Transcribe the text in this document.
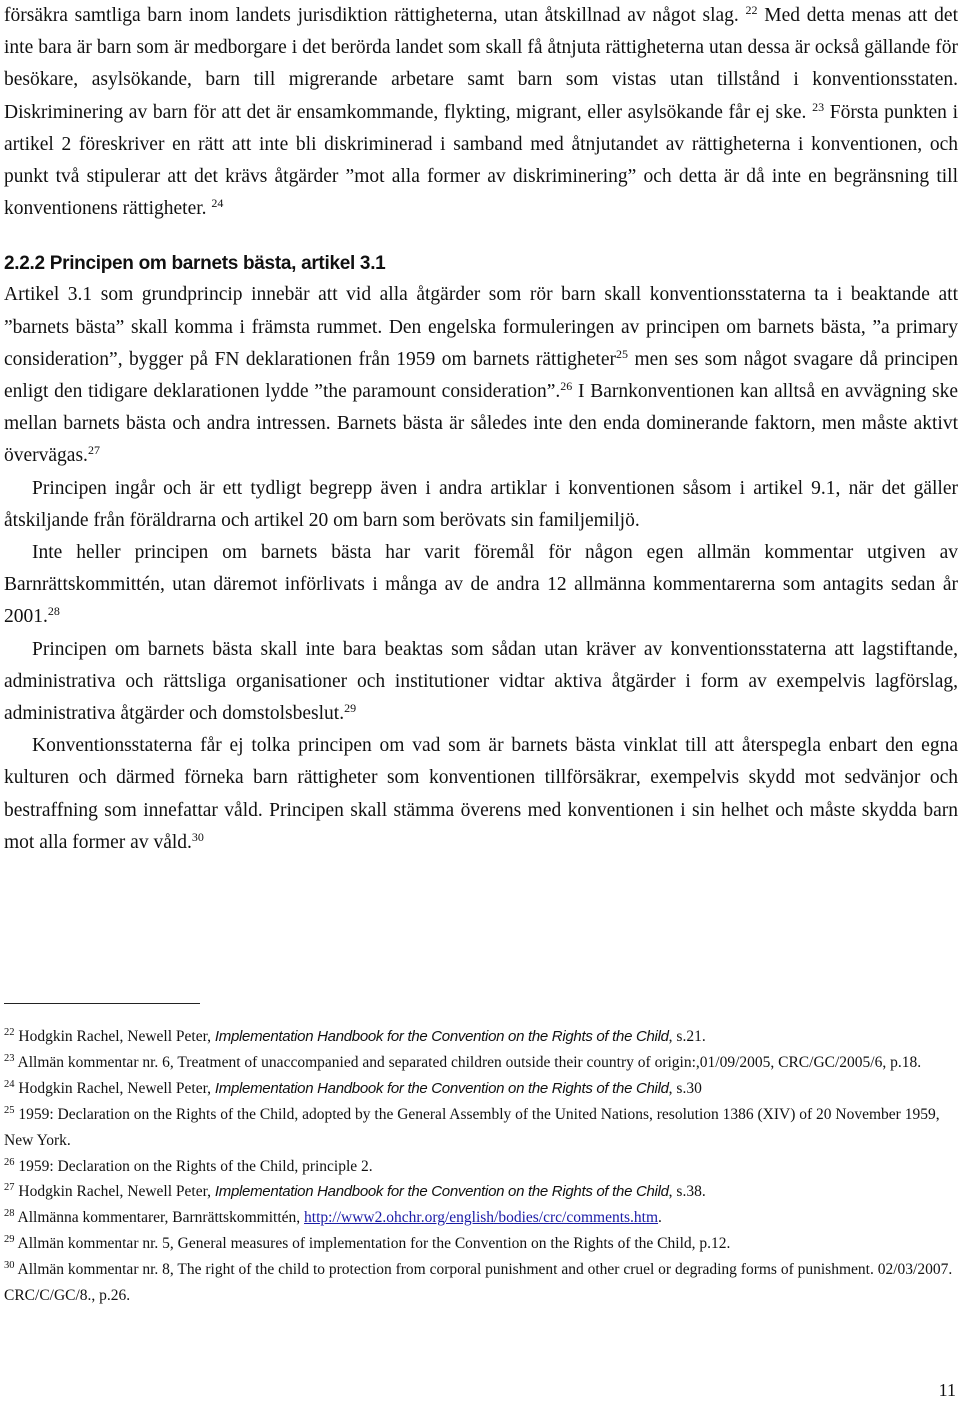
försäkra samtliga barn inom landets jurisdiktion rättigheterna, utan åtskillnad av något slag. $^{22}$ Med detta menas att det inte bara är barn som är medborgare i det berörda landet som skall få åtnjuta rättigheterna utan dessa är också gällande för besökare, asylsökande, barn till migrerande arbetare samt barn som vistas utan tillstånd i konventionsstaten. Diskriminering av barn för att det är ensamkommande, flykting, migrant, eller asylsökande får ej ske. $^{23}$ Första punkten i artikel 2 föreskriver en rätt att inte bli diskriminerad i samband med åtnjutandet av rättigheterna i konventionen, och punkt två stipulerar att det krävs åtgärder ”mot alla former av diskriminering” och detta är då inte en begränsning till konventionens rättigheter. $^{24}$

2.2.2 Principen om barnets bästa, artikel 3.1

Artikel 3.1 som grundprincip innebär att vid alla åtgärder som rör barn skall konventionsstaterna ta i beaktande att ”barnets bästa” skall komma i främsta rummet. Den engelska formuleringen av principen om barnets bästa, ”a primary consideration”, bygger på FN deklarationen från 1959 om barnets rättigheter$^{25}$ men ses som något svagare då principen enligt den tidigare deklarationen lydde ”the paramount consideration”.$^{26}$ I Barnkonventionen kan alltså en avvägning ske mellan barnets bästa och andra intressen. Barnets bästa är således inte den enda dominerande faktorn, men måste aktivt övervägas.$^{27}$

Principen ingår och är ett tydligt begrepp även i andra artiklar i konventionen såsom i artikel 9.1, när det gäller åtskiljande från föräldrarna och artikel 20 om barn som berövats sin familjemiljö.

Inte heller principen om barnets bästa har varit föremål för någon egen allmän kommentar utgiven av Barnrättskommittén, utan däremot införlivats i många av de andra 12 allmänna kommentarerna som antagits sedan år 2001.28

Principen om barnets bästa skall inte bara beaktas som sådan utan kräver av konventionsstaterna att lagstiftande, administrativa och rättsliga organisationer och institutioner vidtar aktiva åtgärder i form av exempelvis lagförslag, administrativa åtgärder och domstolsbeslut.$^{29}$

Konventionsstaterna får ej tolka principen om vad som är barnets bästa vinklat till att återspegla enbart den egna kulturen och därmed förneka barn rättigheter som konventionen tillförsäkrar, exempelvis skydd mot sedvänjor och bestraffning som innefattar våld. Principen skall stämma överens med konventionen i sin helhet och måste skydda barn mot alla former av våld.$^{30}$

$^{22}$ Hodgkin Rachel, Newell Peter, Implementation Handbook for the Convention on the Rights of the Child, s.21.

$^{23}$ Allmän kommentar nr. 6, Treatment of unaccompanied and separated children outside their country of origin:,01/09/2005, CRC/GC/2005/6, p.18.

$^{24}$ Hodgkin Rachel, Newell Peter, Implementation Handbook for the Convention on the Rights of the Child, s.30

$^{25}$ 1959: Declaration on the Rights of the Child, adopted by the General Assembly of the United Nations, resolution 1386 (XIV) of 20 November 1959, New York.

$^{26}$ 1959: Declaration on the Rights of the Child, principle 2.

$^{27}$ Hodgkin Rachel, Newell Peter, Implementation Handbook for the Convention on the Rights of the Child, s.38.

$^{28}$ Allmänna kommentarer, Barnrättskommittén, http://www2.ohchr.org/english/bodies/crc/comments.htm.

$^{29}$ Allmän kommentar nr. 5, General measures of implementation for the Convention on the Rights of the Child, p.12.

$^{30}$ Allmän kommentar nr. 8, The right of the child to protection from corporal punishment and other cruel or degrading forms of punishment. 02/03/2007. CRC/C/GC/8., p.26.

11
